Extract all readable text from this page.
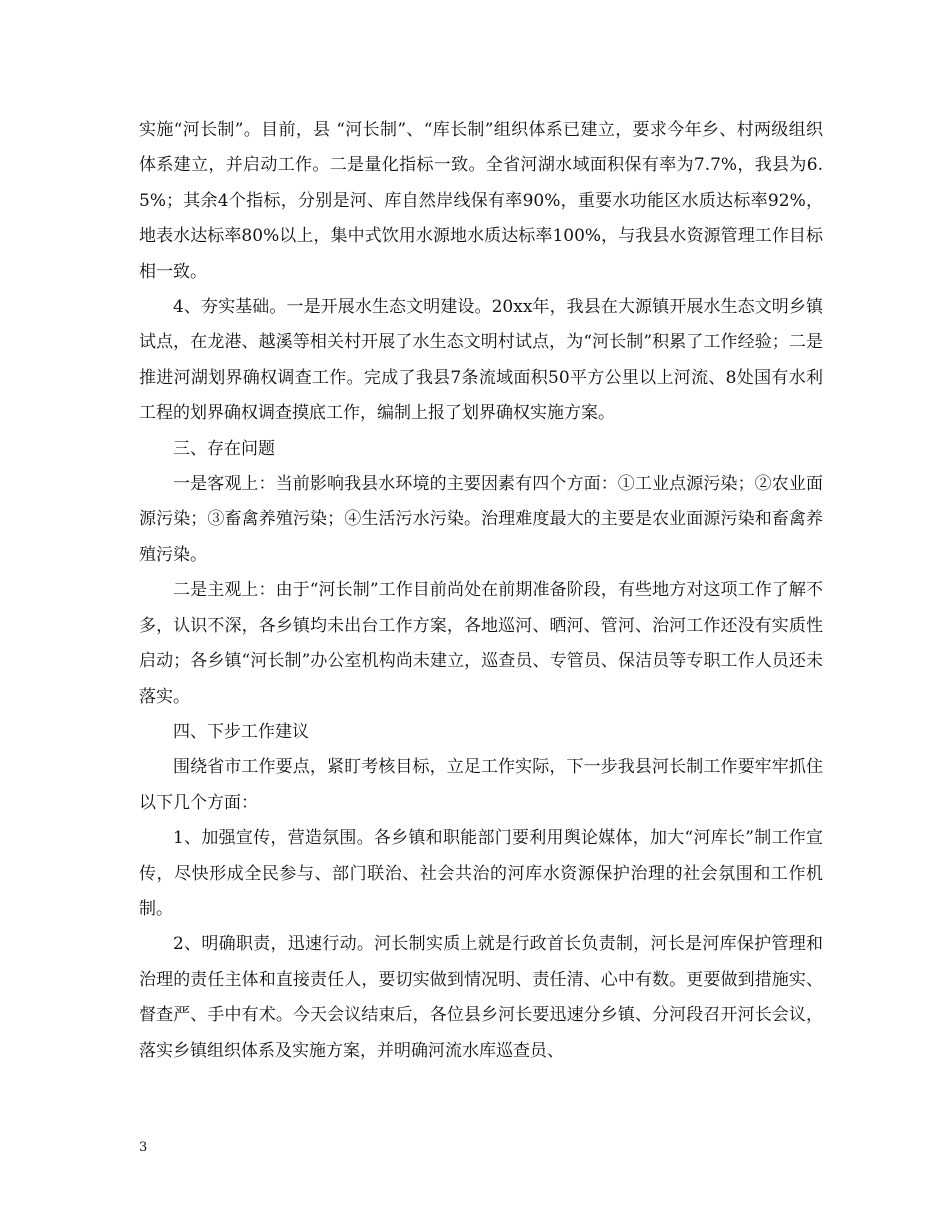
实施“河长制”。目前，县 “河长制”、“库长制”组织体系已建立，要求今年乡、村两级组织体系建立，并启动工作。二是量化指标一致。全省河湖水域面积保有率为7.7%，我县为6.5%；其余4个指标，分别是河、库自然岸线保有率90%，重要水功能区水质达标率92%，地表水达标率80%以上，集中式饮用水源地水质达标率100%，与我县水资源管理工作目标相一致。

4、夯实基础。一是开展水生态文明建设。20xx年，我县在大源镇开展水生态文明乡镇试点，在龙港、越溪等相关村开展了水生态文明村试点，为“河长制”积累了工作经验；二是推进河湖划界确权调查工作。完成了我县7条流域面积50平方公里以上河流、8处国有水利工程的划界确权调查摸底工作，编制上报了划界确权实施方案。

三、存在问题

一是客观上：当前影响我县水环境的主要因素有四个方面：①工业点源污染；②农业面源污染；③畜禽养殖污染；④生活污水污染。治理难度最大的主要是农业面源污染和畜禽养殖污染。

二是主观上：由于“河长制”工作目前尚处在前期准备阶段，有些地方对这项工作了解不多，认识不深，各乡镇均未出台工作方案，各地巡河、晒河、管河、治河工作还没有实质性启动；各乡镇“河长制”办公室机构尚未建立，巡查员、专管员、保洁员等专职工作人员还未落实。

四、下步工作建议

围绕省市工作要点，紧盯考核目标，立足工作实际，下一步我县河长制工作要牢牢抓住以下几个方面：

1、加强宣传，营造氛围。各乡镇和职能部门要利用舆论媒体，加大“河库长”制工作宣传，尽快形成全民参与、部门联治、社会共治的河库水资源保护治理的社会氛围和工作机制。

2、明确职责，迅速行动。河长制实质上就是行政首长负责制，河长是河库保护管理和治理的责任主体和直接责任人，要切实做到情况明、责任清、心中有数。更要做到措施实、督查严、手中有术。今天会议结束后，各位县乡河长要迅速分乡镇、分河段召开河长会议，落实乡镇组织体系及实施方案，并明确河流水库巡查员、

3
